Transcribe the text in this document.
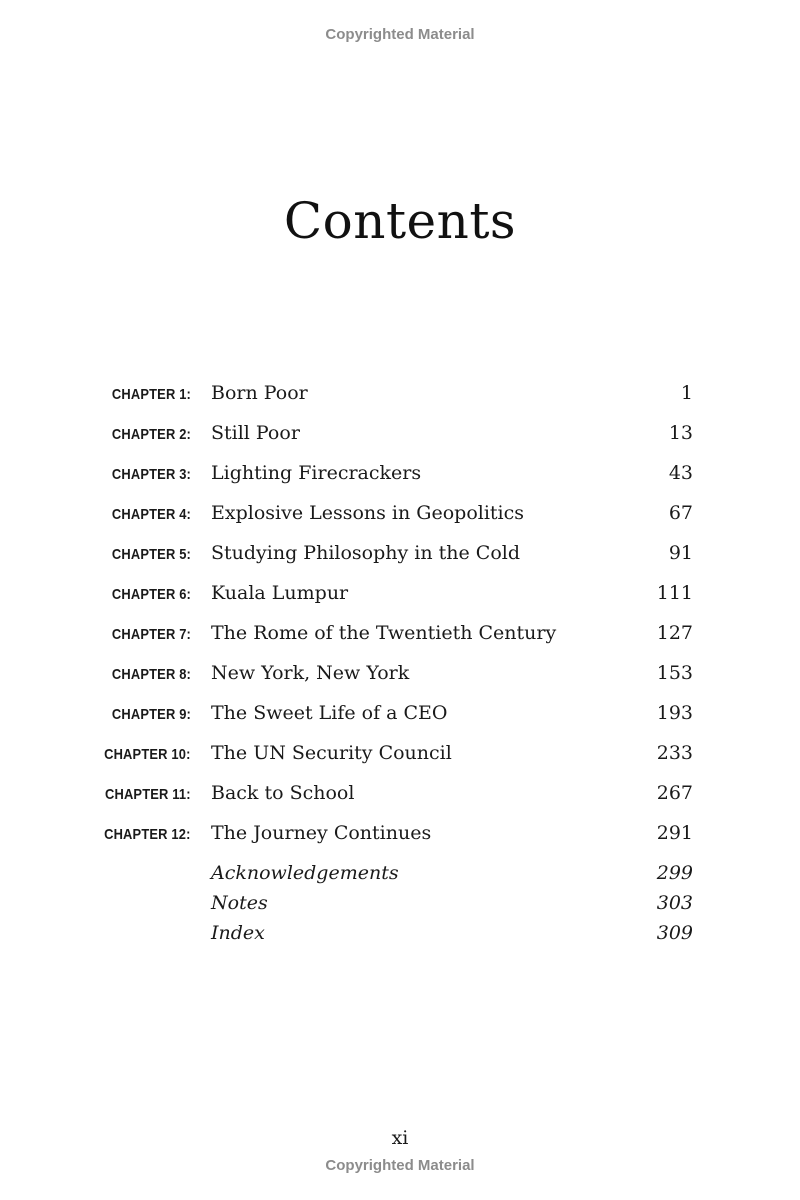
Copyrighted Material
Contents
CHAPTER 1: Born Poor	1
CHAPTER 2: Still Poor	13
CHAPTER 3: Lighting Firecrackers	43
CHAPTER 4: Explosive Lessons in Geopolitics	67
CHAPTER 5: Studying Philosophy in the Cold	91
CHAPTER 6: Kuala Lumpur	111
CHAPTER 7: The Rome of the Twentieth Century	127
CHAPTER 8: New York, New York	153
CHAPTER 9: The Sweet Life of a CEO	193
CHAPTER 10: The UN Security Council	233
CHAPTER 11: Back to School	267
CHAPTER 12: The Journey Continues	291
Acknowledgements	299
Notes	303
Index	309
xi
Copyrighted Material
